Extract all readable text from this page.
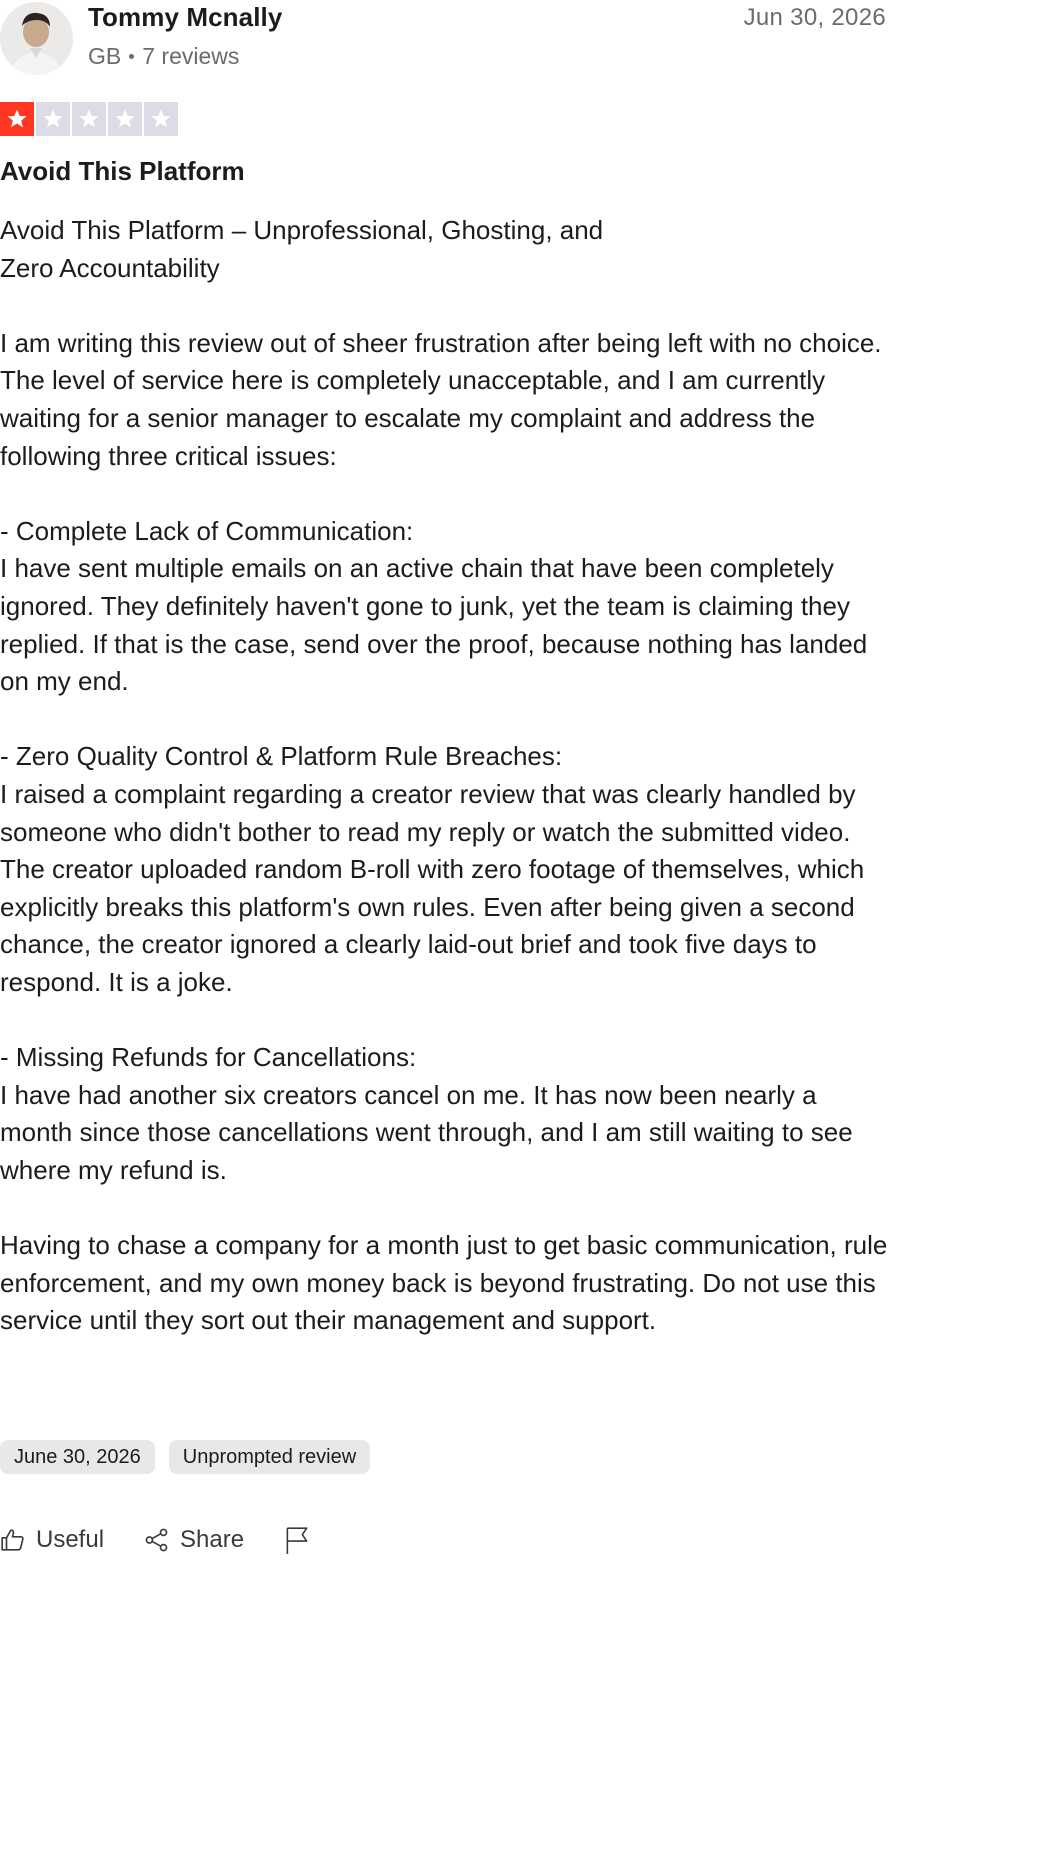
Tommy Mcnally
GB 7 reviews
Jun 30, 2026
Avoid This Platform

Avoid This Platform – Unprofessional, Ghosting, and
Zero Accountability

I am writing this review out of sheer frustration after being left with no choice. The level of service here is completely unacceptable, and I am currently waiting for a senior manager to escalate my complaint and address the following three critical issues:

- Complete Lack of Communication:
I have sent multiple emails on an active chain that have been completely ignored. They definitely haven't gone to junk, yet the team is claiming they replied. If that is the case, send over the proof, because nothing has landed on my end.

- Zero Quality Control & Platform Rule Breaches:
I raised a complaint regarding a creator review that was clearly handled by someone who didn't bother to read my reply or watch the submitted video. The creator uploaded random B-roll with zero footage of themselves, which explicitly breaks this platform's own rules. Even after being given a second chance, the creator ignored a clearly laid-out brief and took five days to respond. It is a joke.

- Missing Refunds for Cancellations:
I have had another six creators cancel on me. It has now been nearly a month since those cancellations went through, and I am still waiting to see where my refund is.

Having to chase a company for a month just to get basic communication, rule enforcement, and my own money back is beyond frustrating. Do not use this service until they sort out their management and support.

June 30, 2026	Unprompted review
Useful	Share
